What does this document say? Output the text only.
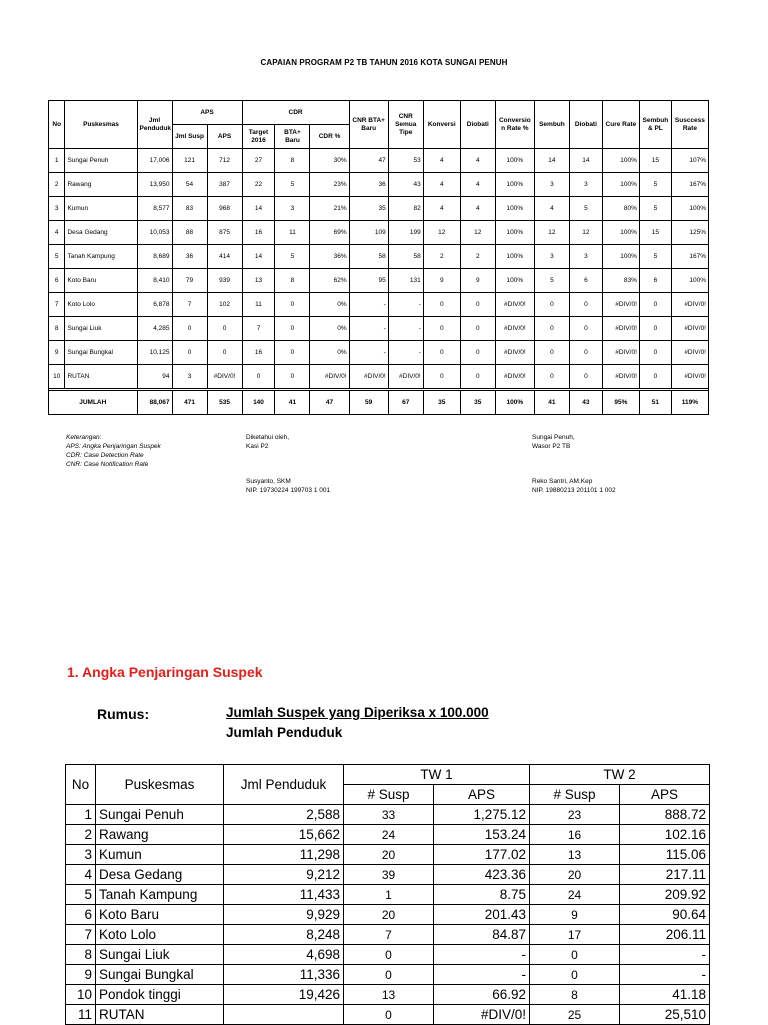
CAPAIAN PROGRAM P2 TB TAHUN 2016 KOTA SUNGAI PENUH
No	Puskesmas	Jml Penduduk	APS		CDR			CNR BTA+ Baru	CNR Semua Tipe	Konversi	Diobati	Conversio n Rate %	Sembuh	Diobati	Cure Rate	Sembuh & PL	Susccess Rate
			Jml Susp	APS	Target 2016	BTA+ Baru	CDR %										
1	Sungai Penuh	17,006	121	712	27	8	30%	47	53	4	4	100%	14	14	100%	15	107%
2	Rawang	13,950	54	387	22	5	23%	36	43	4	4	100%	3	3	100%	5	167%
3	Kumun	8,577	83	968	14	3	21%	35	82	4	4	100%	4	5	80%	5	100%
4	Desa Gedang	10,053	88	875	16	11	69%	109	199	12	12	100%	12	12	100%	15	125%
5	Tanah Kampung	8,689	36	414	14	5	36%	58	58	2	2	100%	3	3	100%	5	167%
6	Koto Baru	8,410	79	939	13	8	62%	95	131	9	9	100%	5	6	83%	6	100%
7	Koto Lolo	6,878	7	102	11	0	0%	-	-	0	0	#DIV/0!	0	0	#DIV/0!	0	#DIV/0!
8	Sungai Liuk	4,285	0	0	7	0	0%	-	-	0	0	#DIV/0!	0	0	#DIV/0!	0	#DIV/0!
9	Sungai Bungkal	10,125	0	0	16	0	0%	-	-	0	0	#DIV/0!	0	0	#DIV/0!	0	#DIV/0!
10	RUTAN	94	3	#DIV/0!	0	0	#DIV/0!	#DIV/0!	#DIV/0!	0	0	#DIV/0!	0	0	#DIV/0!	0	#DIV/0!

JUMLAH		88,067	471	535	140	41	47	59	67	35	35	100%	41	43	95%	51	119%
Keterangan:
APS: Angka Penjaringan Suspek
CDR: Case Detection Rate
CNR: Case Notification Rate
Diketahui oleh,
Kasi P2
Sungai Penuh,
Wasor P2 TB
Susyanto, SKM
NIP. 19730224 199703 1 001
Reko Santri, AM.Kep
NIP. 19880213 201101 1 002
1. Angka Penjaringan Suspek
Rumus:	Jumlah Suspek yang Diperiksa x 100.000
Jumlah Penduduk
No	Puskesmas	Jml Penduduk	TW 1		TW 2	
			# Susp	APS	# Susp	APS
1	Sungai Penuh	2,588	33	1,275.12	23	888.72
2	Rawang	15,662	24	153.24	16	102.16
3	Kumun	11,298	20	177.02	13	115.06
4	Desa Gedang	9,212	39	423.36	20	217.11
5	Tanah Kampung	11,433	1	8.75	24	209.92
6	Koto Baru	9,929	20	201.43	9	90.64
7	Koto Lolo	8,248	7	84.87	17	206.11
8	Sungai Liuk	4,698	0	-	0	-
9	Sungai Bungkal	11,336	0	-	0	-
10	Pondok tinggi	19,426	13	66.92	8	41.18
11	RUTAN		0	#DIV/0!	25	25,510
